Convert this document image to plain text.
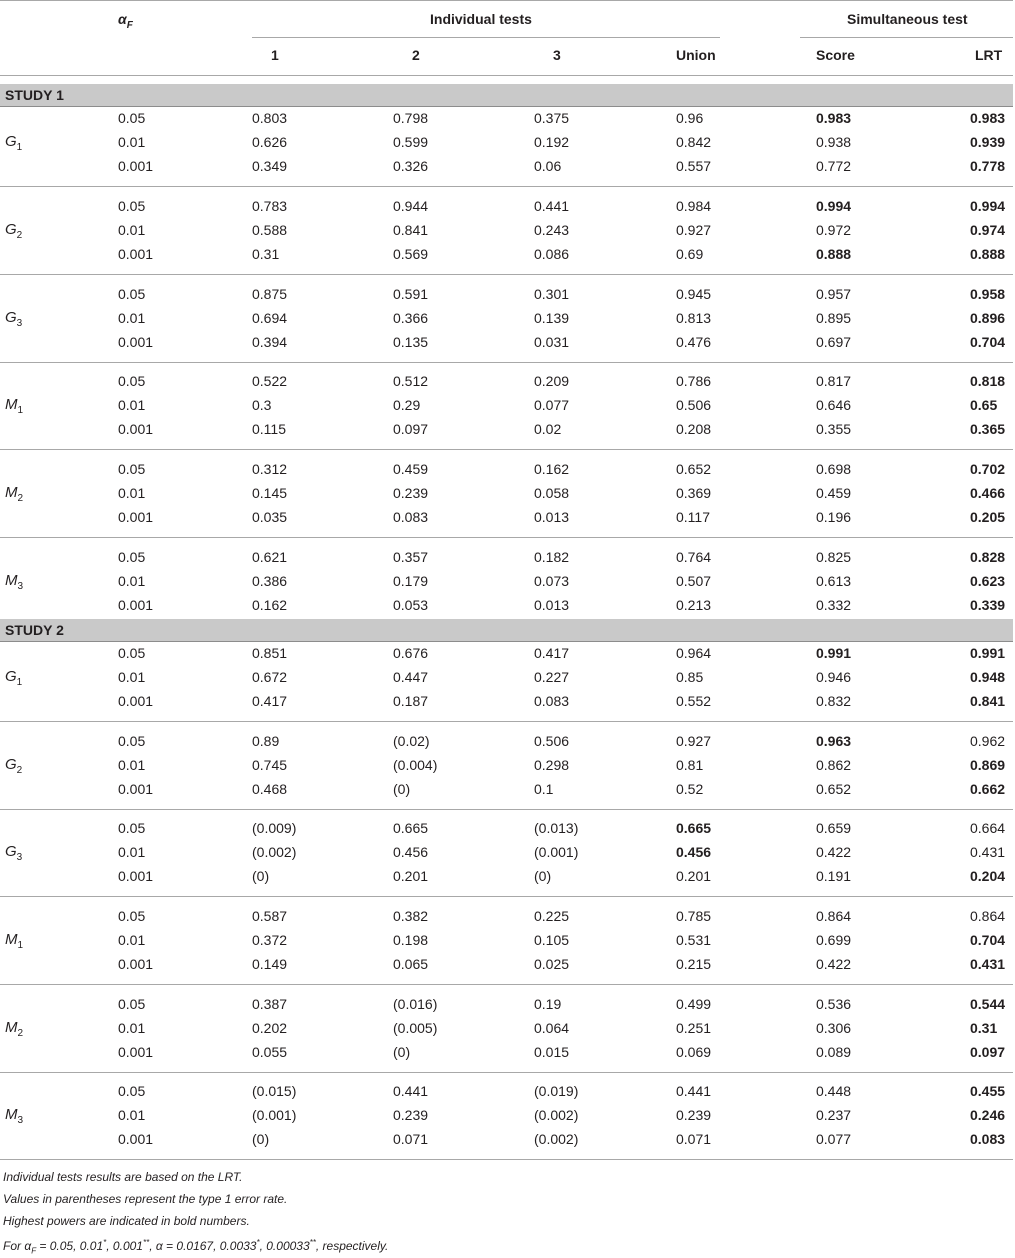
$\alpha_F$	Individual tests	Simultaneous test
1	2	3	Union	Score	LRT
STUDY 1
$G_1$
0.05	0.803	0.798	0.375	0.96	0.983	0.983
0.01	0.626	0.599	0.192	0.842	0.938	0.939
0.001	0.349	0.326	0.06	0.557	0.772	0.778
$G_2$
0.05	0.783	0.944	0.441	0.984	0.994	0.994
0.01	0.588	0.841	0.243	0.927	0.972	0.974
0.001	0.31	0.569	0.086	0.69	0.888	0.888
$G_3$
0.05	0.875	0.591	0.301	0.945	0.957	0.958
0.01	0.694	0.366	0.139	0.813	0.895	0.896
0.001	0.394	0.135	0.031	0.476	0.697	0.704
$M_1$
0.05	0.522	0.512	0.209	0.786	0.817	0.818
0.01	0.3	0.29	0.077	0.506	0.646	0.65
0.001	0.115	0.097	0.02	0.208	0.355	0.365
$M_2$
0.05	0.312	0.459	0.162	0.652	0.698	0.702
0.01	0.145	0.239	0.058	0.369	0.459	0.466
0.001	0.035	0.083	0.013	0.117	0.196	0.205
$M_3$
0.05	0.621	0.357	0.182	0.764	0.825	0.828
0.01	0.386	0.179	0.073	0.507	0.613	0.623
0.001	0.162	0.053	0.013	0.213	0.332	0.339
STUDY 2
$G_1$
0.05	0.851	0.676	0.417	0.964	0.991	0.991
0.01	0.672	0.447	0.227	0.85	0.946	0.948
0.001	0.417	0.187	0.083	0.552	0.832	0.841
$G_2$
0.05	0.89	(0.02)	0.506	0.927	0.963	0.962
0.01	0.745	(0.004)	0.298	0.81	0.862	0.869
0.001	0.468	(0)	0.1	0.52	0.652	0.662
$G_3$
0.05	(0.009)	0.665	(0.013)	0.665	0.659	0.664
0.01	(0.002)	0.456	(0.001)	0.456	0.422	0.431
0.001	(0)	0.201	(0)	0.201	0.191	0.204
$M_1$
0.05	0.587	0.382	0.225	0.785	0.864	0.864
0.01	0.372	0.198	0.105	0.531	0.699	0.704
0.001	0.149	0.065	0.025	0.215	0.422	0.431
$M_2$
0.05	0.387	(0.016)	0.19	0.499	0.536	0.544
0.01	0.202	(0.005)	0.064	0.251	0.306	0.31
0.001	0.055	(0)	0.015	0.069	0.089	0.097
$M_3$
0.05	(0.015)	0.441	(0.019)	0.441	0.448	0.455
0.01	(0.001)	0.239	(0.002)	0.239	0.237	0.246
0.001	(0)	0.071	(0.002)	0.071	0.077	0.083
Individual tests results are based on the LRT.
Values in parentheses represent the type 1 error rate.
Highest powers are indicated in bold numbers.
For $\alpha_F = 0.05$, 0.01*, 0.001**, α = 0.0167, 0.0033*, 0.00033**, respectively.
